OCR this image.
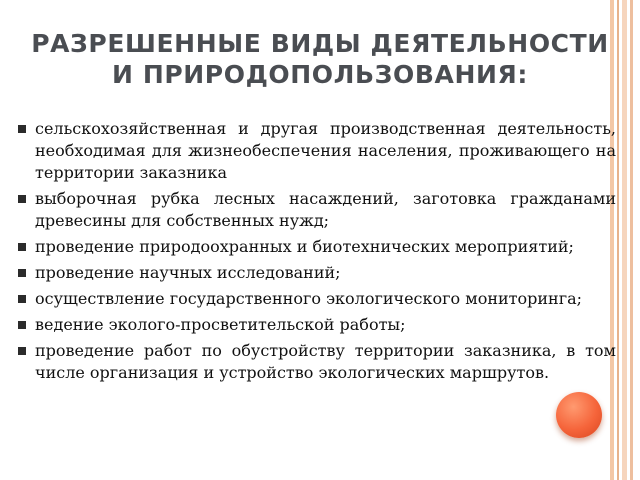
РАЗРЕШЕННЫЕ ВИДЫ ДЕЯТЕЛЬНОСТИ
И ПРИРОДОПОЛЬЗОВАНИЯ:
сельскохозяйственная и другая производственная деятельность, необходимая для жизнеобеспечения населения, проживающего на территории заказника
выборочная рубка лесных насаждений, заготовка гражданами древесины для собственных нужд;
проведение природоохранных и биотехнических мероприятий;
проведение научных исследований;
осуществление государственного экологического мониторинга;
ведение эколого-просветительской работы;
проведение работ по обустройству территории заказника, в том числе организация и устройство экологических маршрутов.
